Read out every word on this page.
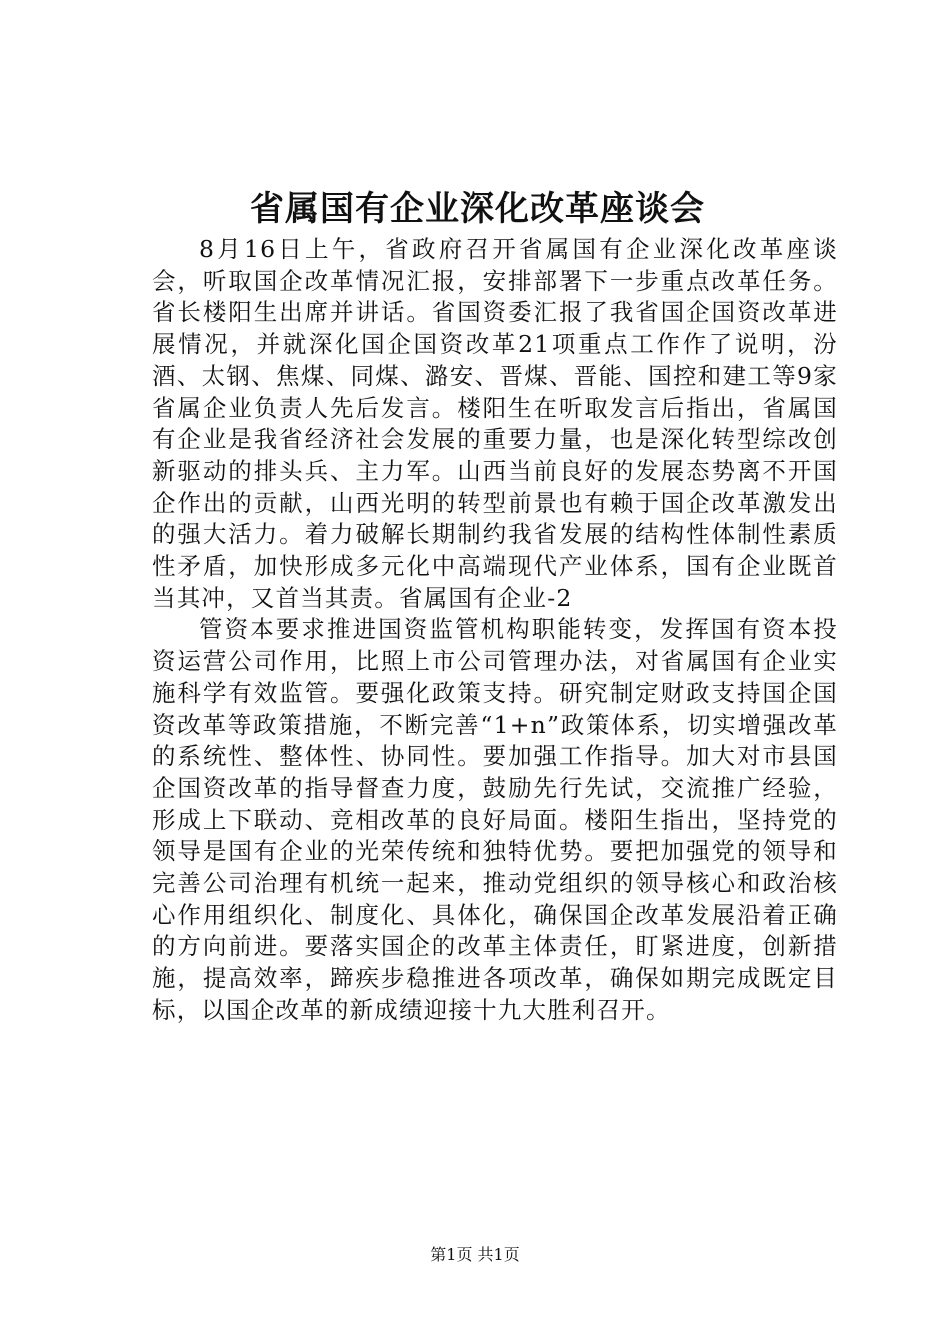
省属国有企业深化改革座谈会

8月16日上午，省政府召开省属国有企业深化改革座谈会，听取国企改革情况汇报，安排部署下一步重点改革任务。省长楼阳生出席并讲话。省国资委汇报了我省国企国资改革进展情况，并就深化国企国资改革21项重点工作作了说明，汾酒、太钢、焦煤、同煤、潞安、晋煤、晋能、国控和建工等9家省属企业负责人先后发言。楼阳生在听取发言后指出，省属国有企业是我省经济社会发展的重要力量，也是深化转型综改创新驱动的排头兵、主力军。山西当前良好的发展态势离不开国企作出的贡献，山西光明的转型前景也有赖于国企改革激发出的强大活力。着力破解长期制约我省发展的结构性体制性素质性矛盾，加快形成多元化中高端现代产业体系，国有企业既首当其冲，又首当其责。省属国有企业-2

管资本要求推进国资监管机构职能转变，发挥国有资本投资运营公司作用，比照上市公司管理办法，对省属国有企业实施科学有效监管。要强化政策支持。研究制定财政支持国企国资改革等政策措施，不断完善“1+n”政策体系，切实增强改革的系统性、整体性、协同性。要加强工作指导。加大对市县国企国资改革的指导督查力度，鼓励先行先试，交流推广经验，形成上下联动、竞相改革的良好局面。楼阳生指出，坚持党的领导是国有企业的光荣传统和独特优势。要把加强党的领导和完善公司治理有机统一起来，推动党组织的领导核心和政治核心作用组织化、制度化、具体化，确保国企改革发展沿着正确的方向前进。要落实国企的改革主体责任，盯紧进度，创新措施，提高效率，蹄疾步稳推进各项改革，确保如期完成既定目标，以国企改革的新成绩迎接十九大胜利召开。

第1页 共1页
